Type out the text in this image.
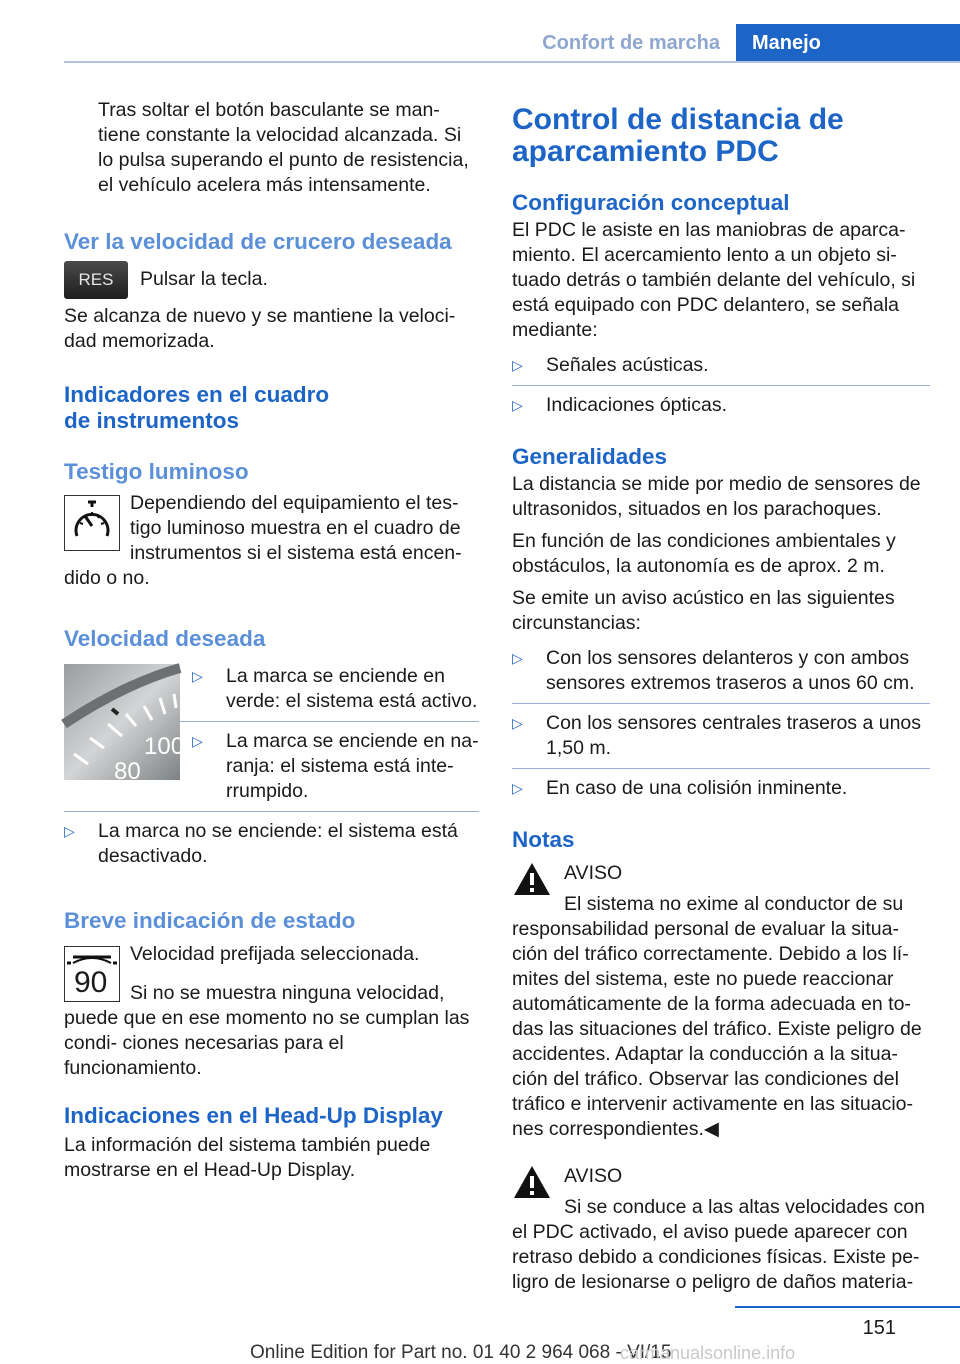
Confort de marcha	Manejo

Tras soltar el botón basculante se man‐ tiene constante la velocidad alcanzada. Si lo pulsa superando el punto de resistencia, el vehículo acelera más intensamente.

Ver la velocidad de crucero deseada
RES	Pulsar la tecla.

Se alcanza de nuevo y se mantiene la veloci‐ dad memorizada.

Indicadores en el cuadro
de instrumentos
Testigo luminoso

Dependiendo del equipamiento el tes‐

tigo luminoso muestra en el cuadro de

instrumentos si el sistema está encen‐

dido o no.

Velocidad deseada
100
80
▷	La marca se enciende en verde: el sistema está activo.
▷	La marca se enciende en na‐ ranja: el sistema está inte‐ rrumpido.
▷	La marca no se enciende: el sistema está desactivado.
Breve indicación de estado
90

Velocidad prefijada seleccionada.

Si no se muestra ninguna velocidad, puede que en ese momento no se cumplan las condi‐ ciones necesarias para el funcionamiento.

Indicaciones en el Head-Up Display

La información del sistema también puede mostrarse en el Head-Up Display.

Control de distancia de aparcamiento PDC
Configuración conceptual

El PDC le asiste en las maniobras de aparca‐ miento. El acercamiento lento a un objeto si‐ tuado detrás o también delante del vehículo, si está equipado con PDC delantero, se señala mediante:

▷	Señales acústicas.
▷	Indicaciones ópticas.
Generalidades

La distancia se mide por medio de sensores de ultrasonidos, situados en los parachoques.

En función de las condiciones ambientales y obstáculos, la autonomía es de aprox. 2 m.

Se emite un aviso acústico en las siguientes circunstancias:

▷	Con los sensores delanteros y con ambos sensores extremos traseros a unos 60 cm.
▷	Con los sensores centrales traseros a unos 1,50 m.
▷	En caso de una colisión inminente.
Notas

AVISO

El sistema no exime al conductor de su

responsabilidad personal de evaluar la situa‐ ción del tráfico correctamente. Debido a los lí‐ mites del sistema, este no puede reaccionar automáticamente de la forma adecuada en to‐ das las situaciones del tráfico. Existe peligro de accidentes. Adaptar la conducción a la situa‐ ción del tráfico. Observar las condiciones del tráfico e intervenir activamente en las situacio‐ nes correspondientes.◀

AVISO

Si se conduce a las altas velocidades con

el PDC activado, el aviso puede aparecer con retraso debido a condiciones físicas. Existe pe‐ ligro de lesionarse o peligro de daños materia‐

151
Online Edition for Part no. 01 40 2 964 068 - VI/15
carmanualsonline.info
